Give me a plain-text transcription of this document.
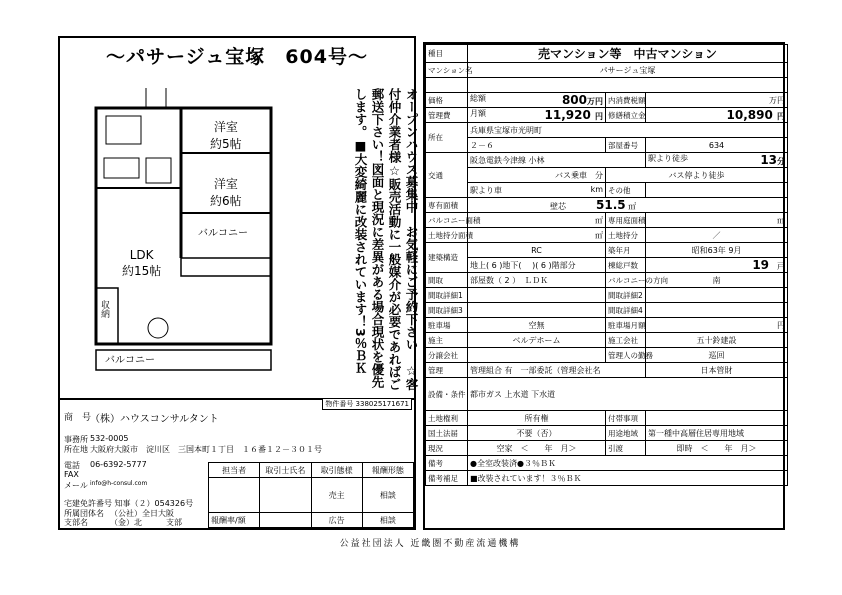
～パサージュ宝塚　604号～
洋室
約5帖
洋室
約6帖
LDK
約15帖
バルコニー
バルコニー
収納	オープンハウス募集中！お気軽にご予約下さい！☆客付仲介業者様☆販売活動に一般媒介が必要であればご郵送下さい！図面と現況に差異がある場合現状を優先します。■大変綺麗に改装されています！3％ＢＫ
物件番号 338025171671
商　号
（株）ハウスコンサルタント
事務所 532-0005
所在地 大阪府大阪市　淀川区　三国本町１丁目　１６番１２－３０１号
電話 06-6392-5777
FAX
メール info@h-consul.com
宅建免許番号 知事（２）054326号
所属団体名 （公社）全日大阪
支部名	（金）北　　　支部
担当者	取引士氏名	取引態様	報酬形態
		売主	相談
報酬率/額		広告	相談
種目	売マンション等　中古マンション		
マンション名	パサージュ宝塚		

価格	総額 800万円	内消費税額	万円
管理費	月額 11,920 円	修繕積立金	10,890 円
所在	兵庫県宝塚市光明町		
	２－６	部屋番号	634
交通	阪急電鉄今津線 小林		駅より徒歩 13分

	バス乗車　 分	バス停より徒歩	
	駅より車 km	その他	
専有面積	壁芯 51.5 ㎡		
バルコニー面積	㎡	専用庭面積	㎡
土地持分面積	㎡	土地持分	／
建築構造	RC	築年月	昭和63年 9月
	地上( 6 )地下(　 )( 6 )階部分	棟総戸数	19　 戸
間取	部屋数（ 2 ）　ＬＤＫ	バルコニーの方向	南
間取詳細1		間取詳細2	
間取詳細3		間取詳細4	
駐車場	空無	駐車場月額	円
施主	ベルデホーム	施工会社	五十鈴建設
分譲会社		管理人の勤務	巡回
管理	管理組合 有　一部委託（管理会社名		日本管財
設備・条件	都市ガス 上水道 下水道		
土地権利	所有権	付帯事項	
国土法届	不要（否）	用途地域	第一種中高層住居専用地域
現況	空家　＜　　年　月＞	引渡	即時　＜　　年　月＞
備考	●全室改装済●３％ＢＫ		
備考補足	■改装されています！３％ＢＫ		
公益社団法人 近畿圏不動産流通機構
